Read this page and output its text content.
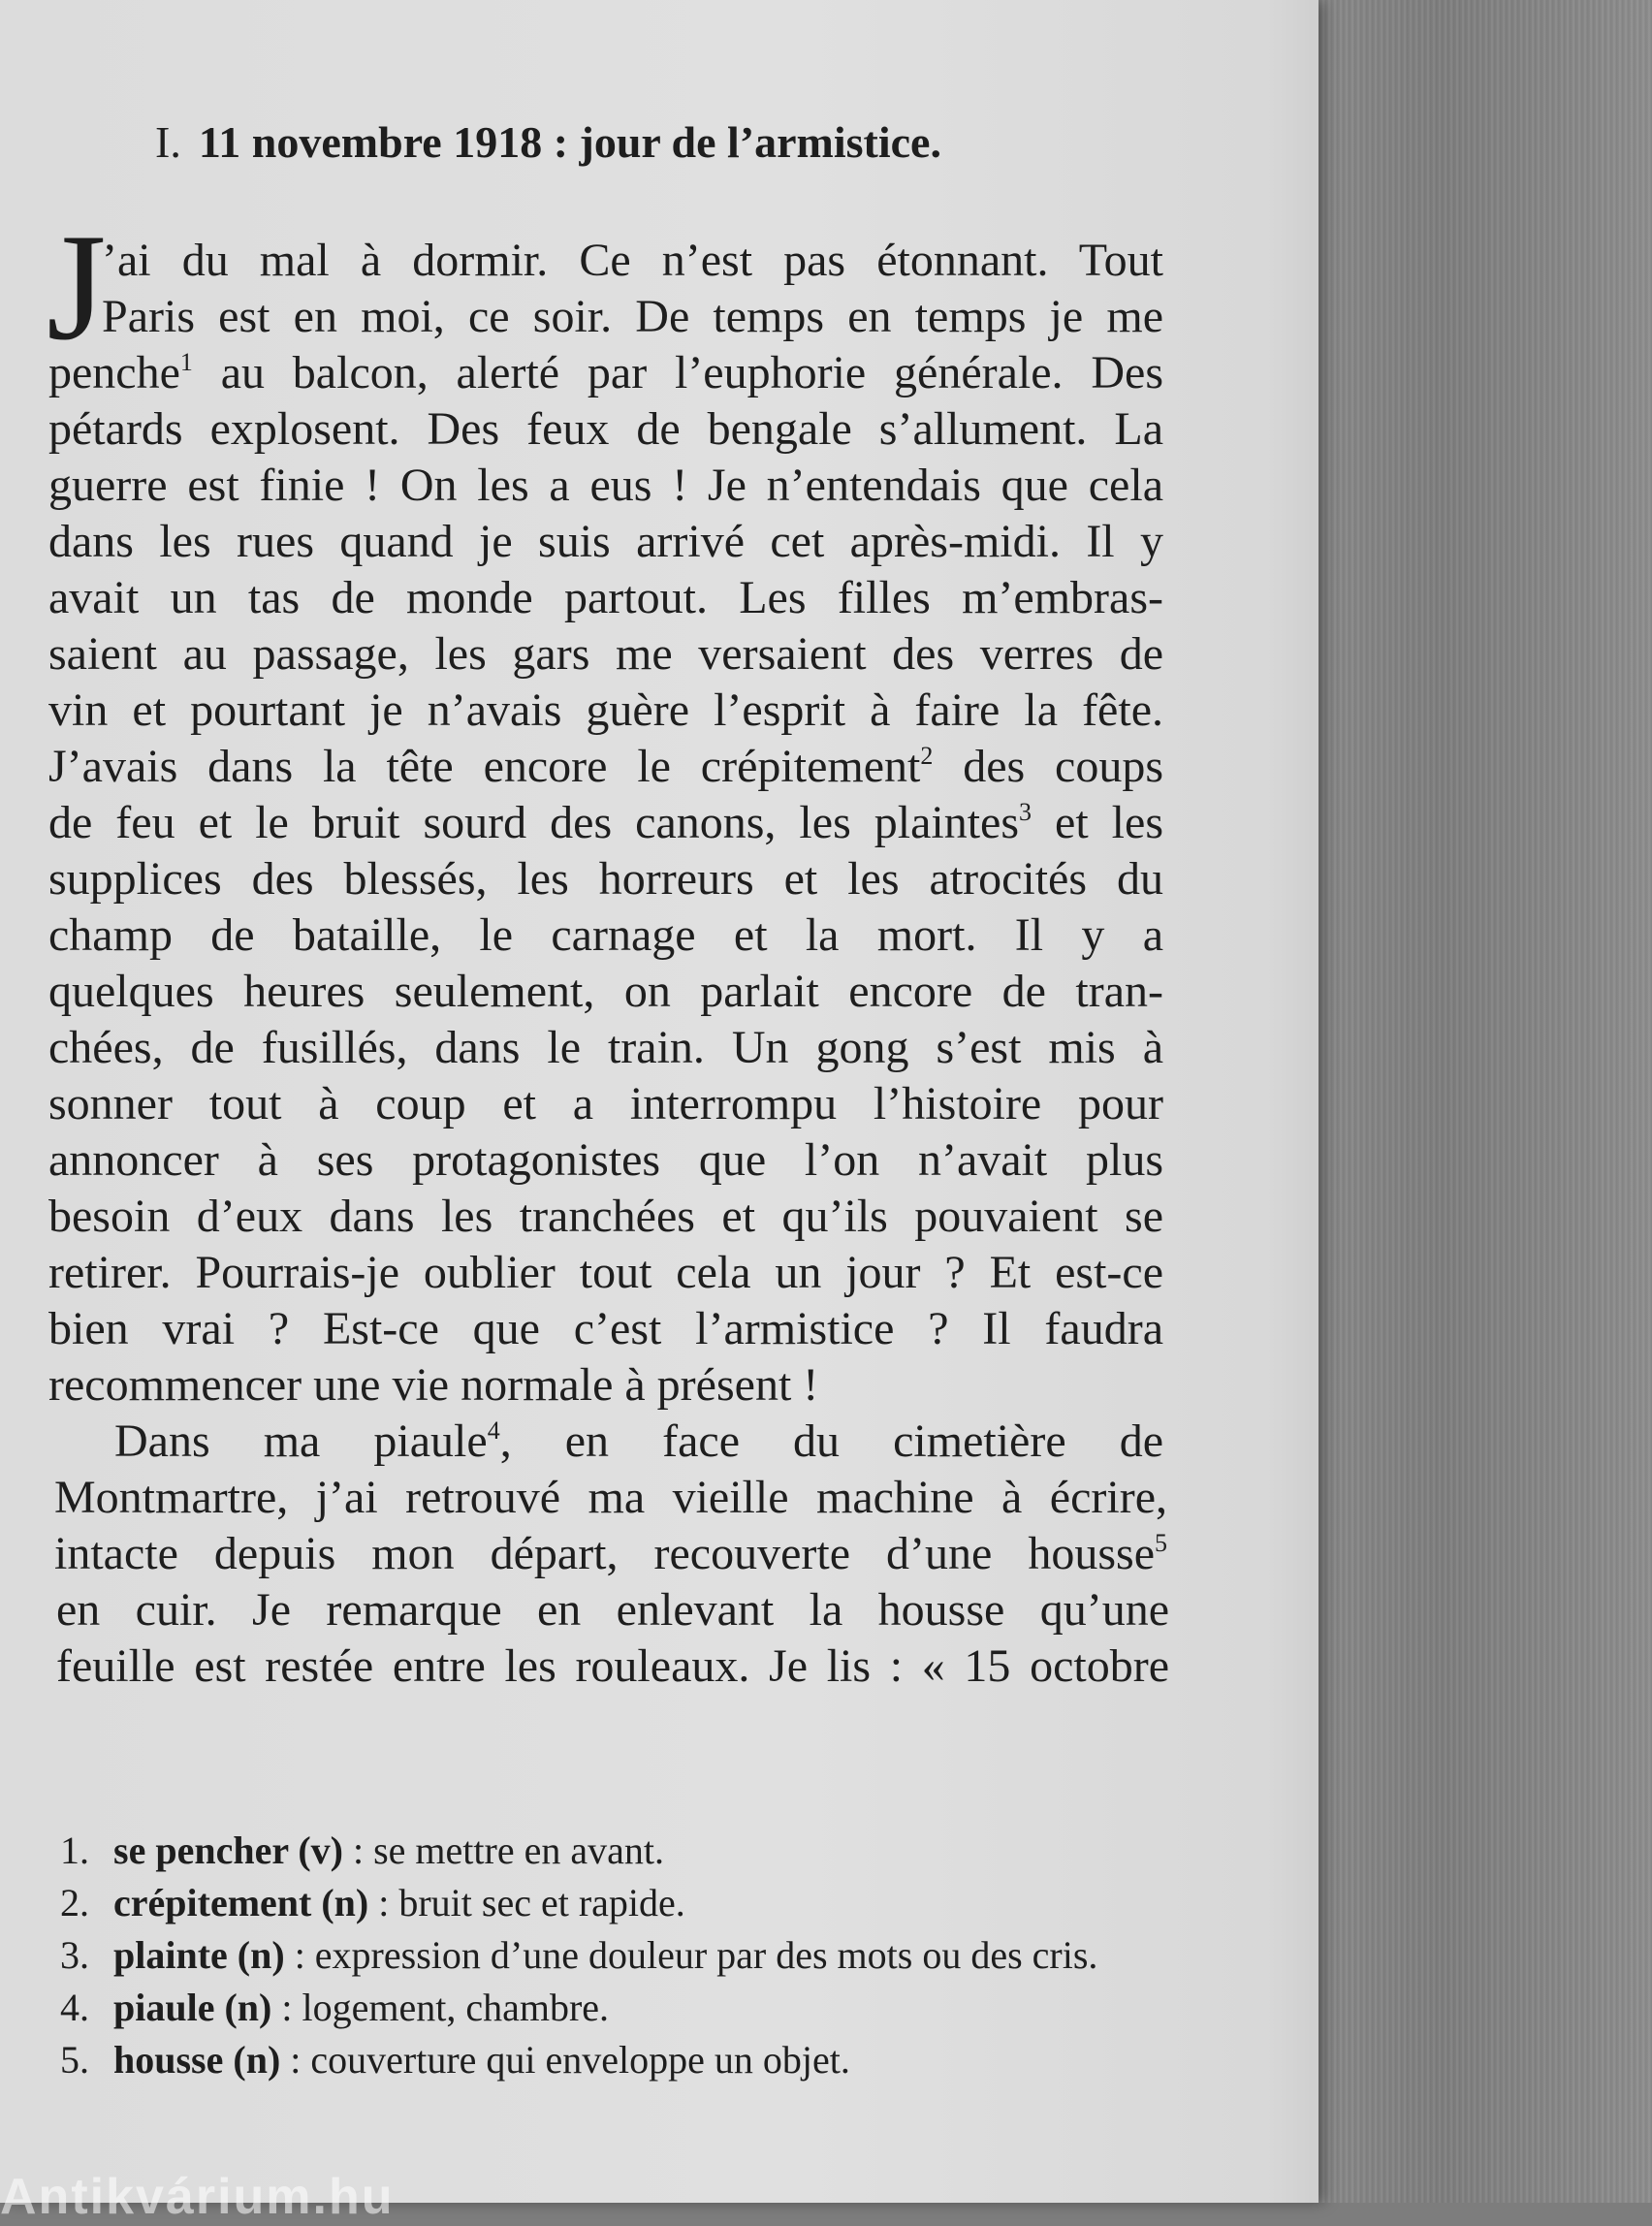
I. 11 novembre 1918 : jour de l’armistice.
J
’ai du mal à dormir. Ce n’est pas étonnant. Tout
Paris est en moi, ce soir. De temps en temps je me
penche$^1$ au balcon, alerté par l’euphorie générale. Des
pétards explosent. Des feux de bengale s’allument. La
guerre est finie ! On les a eus ! Je n’entendais que cela
dans les rues quand je suis arrivé cet après-midi. Il y
avait un tas de monde partout. Les filles m’embras-
saient au passage, les gars me versaient des verres de
vin et pourtant je n’avais guère l’esprit à faire la fête.
J’avais dans la tête encore le crépitement$^2$ des coups
de feu et le bruit sourd des canons, les plaintes$^3$ et les
supplices des blessés, les horreurs et les atrocités du
champ de bataille, le carnage et la mort. Il y a
quelques heures seulement, on parlait encore de tran-
chées, de fusillés, dans le train. Un gong s’est mis à
sonner tout à coup et a interrompu l’histoire pour
annoncer à ses protagonistes que l’on n’avait plus
besoin d’eux dans les tranchées et qu’ils pouvaient se
retirer. Pourrais-je oublier tout cela un jour ? Et est-ce
bien vrai ? Est-ce que c’est l’armistice ? Il faudra
recommencer une vie normale à présent !
Dans ma piaule$^4$, en face du cimetière de
Montmartre, j’ai retrouvé ma vieille machine à écrire,
intacte depuis mon départ, recouverte d’une housse$^5$
en cuir. Je remarque en enlevant la housse qu’une
feuille est restée entre les rouleaux. Je lis : « 15 octobre
1. se pencher (v) : se mettre en avant.
2. crépitement (n) : bruit sec et rapide.
3. plainte (n) : expression d’une douleur par des mots ou des cris.
4. piaule (n) : logement, chambre.
5. housse (n) : couverture qui enveloppe un objet.
Antikvárium.hu
